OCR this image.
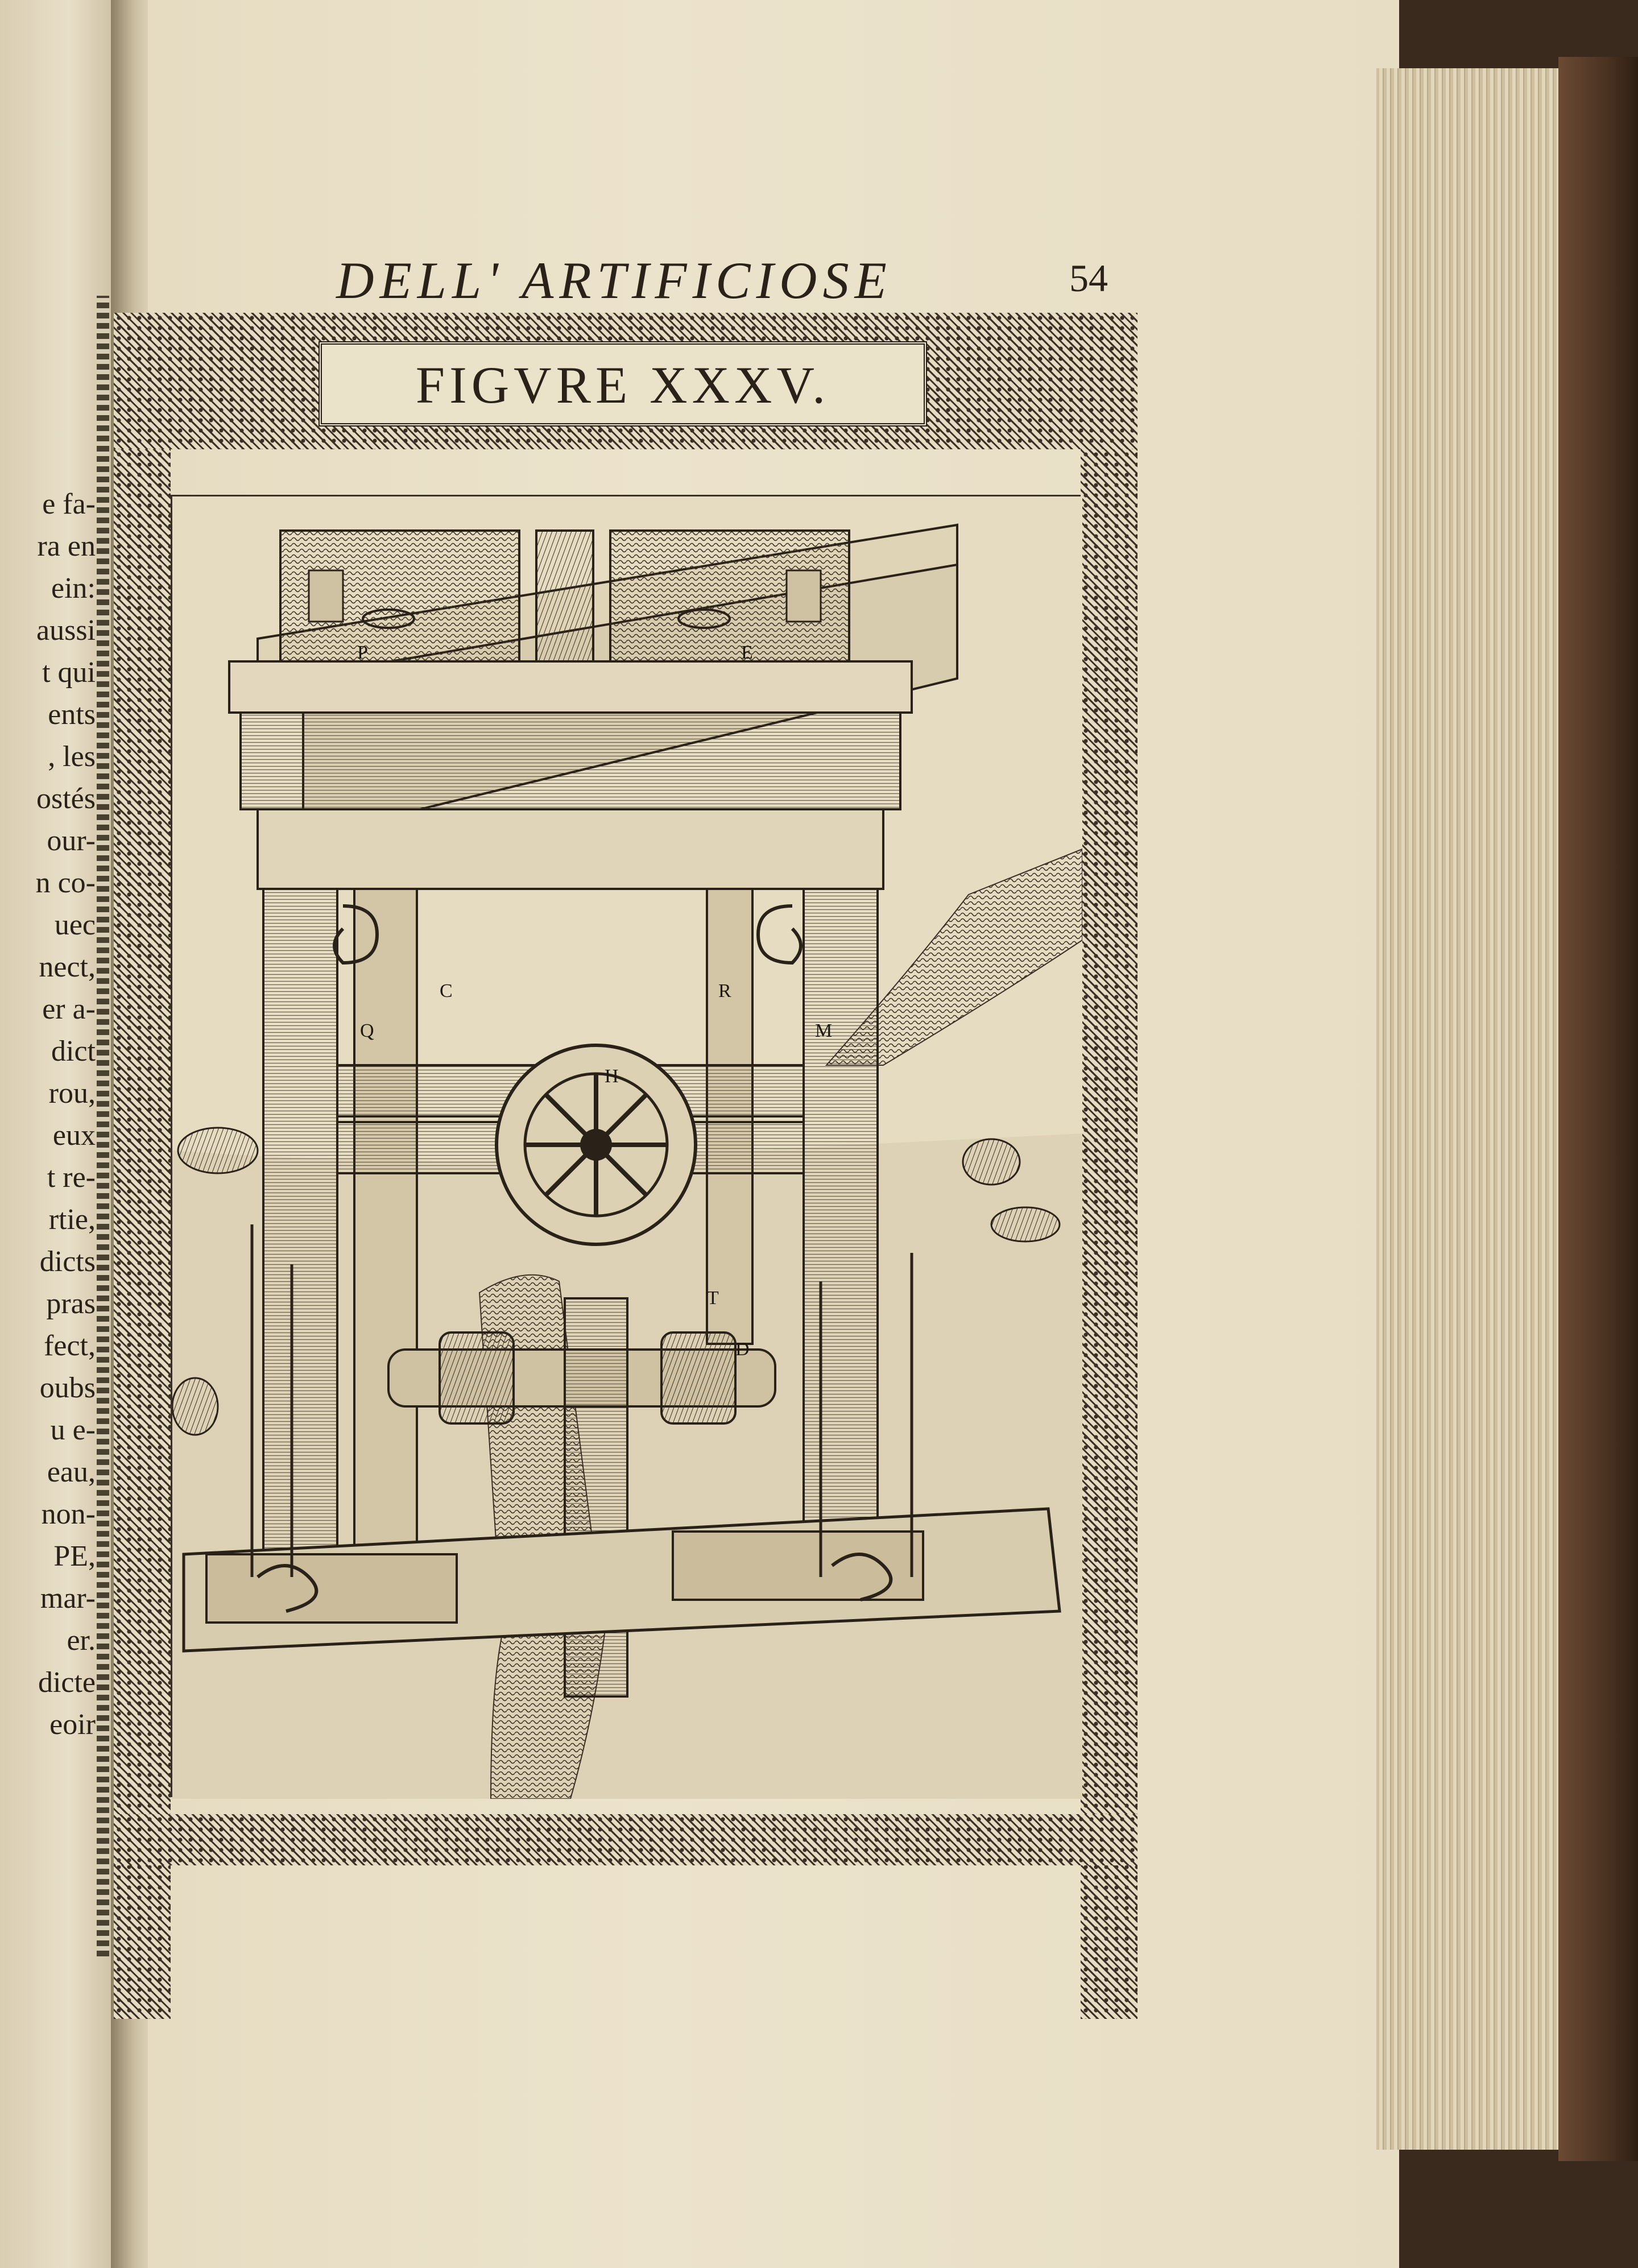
e fa-
ra en
ein:
aussi
t qui
ents
, les
ostés
our-
n co-
uec
nect,
er a-
dict
rou,
eux
t re-
rtie,
dicts
pras
fect,
oubs
u e-
eau,
non-
PE,
mar-
er.
dicte
eoir
DELL' ARTIFICIOSE	54
FIGVRE XXXV.
P	E
Q
C	R
M
H
T
D
